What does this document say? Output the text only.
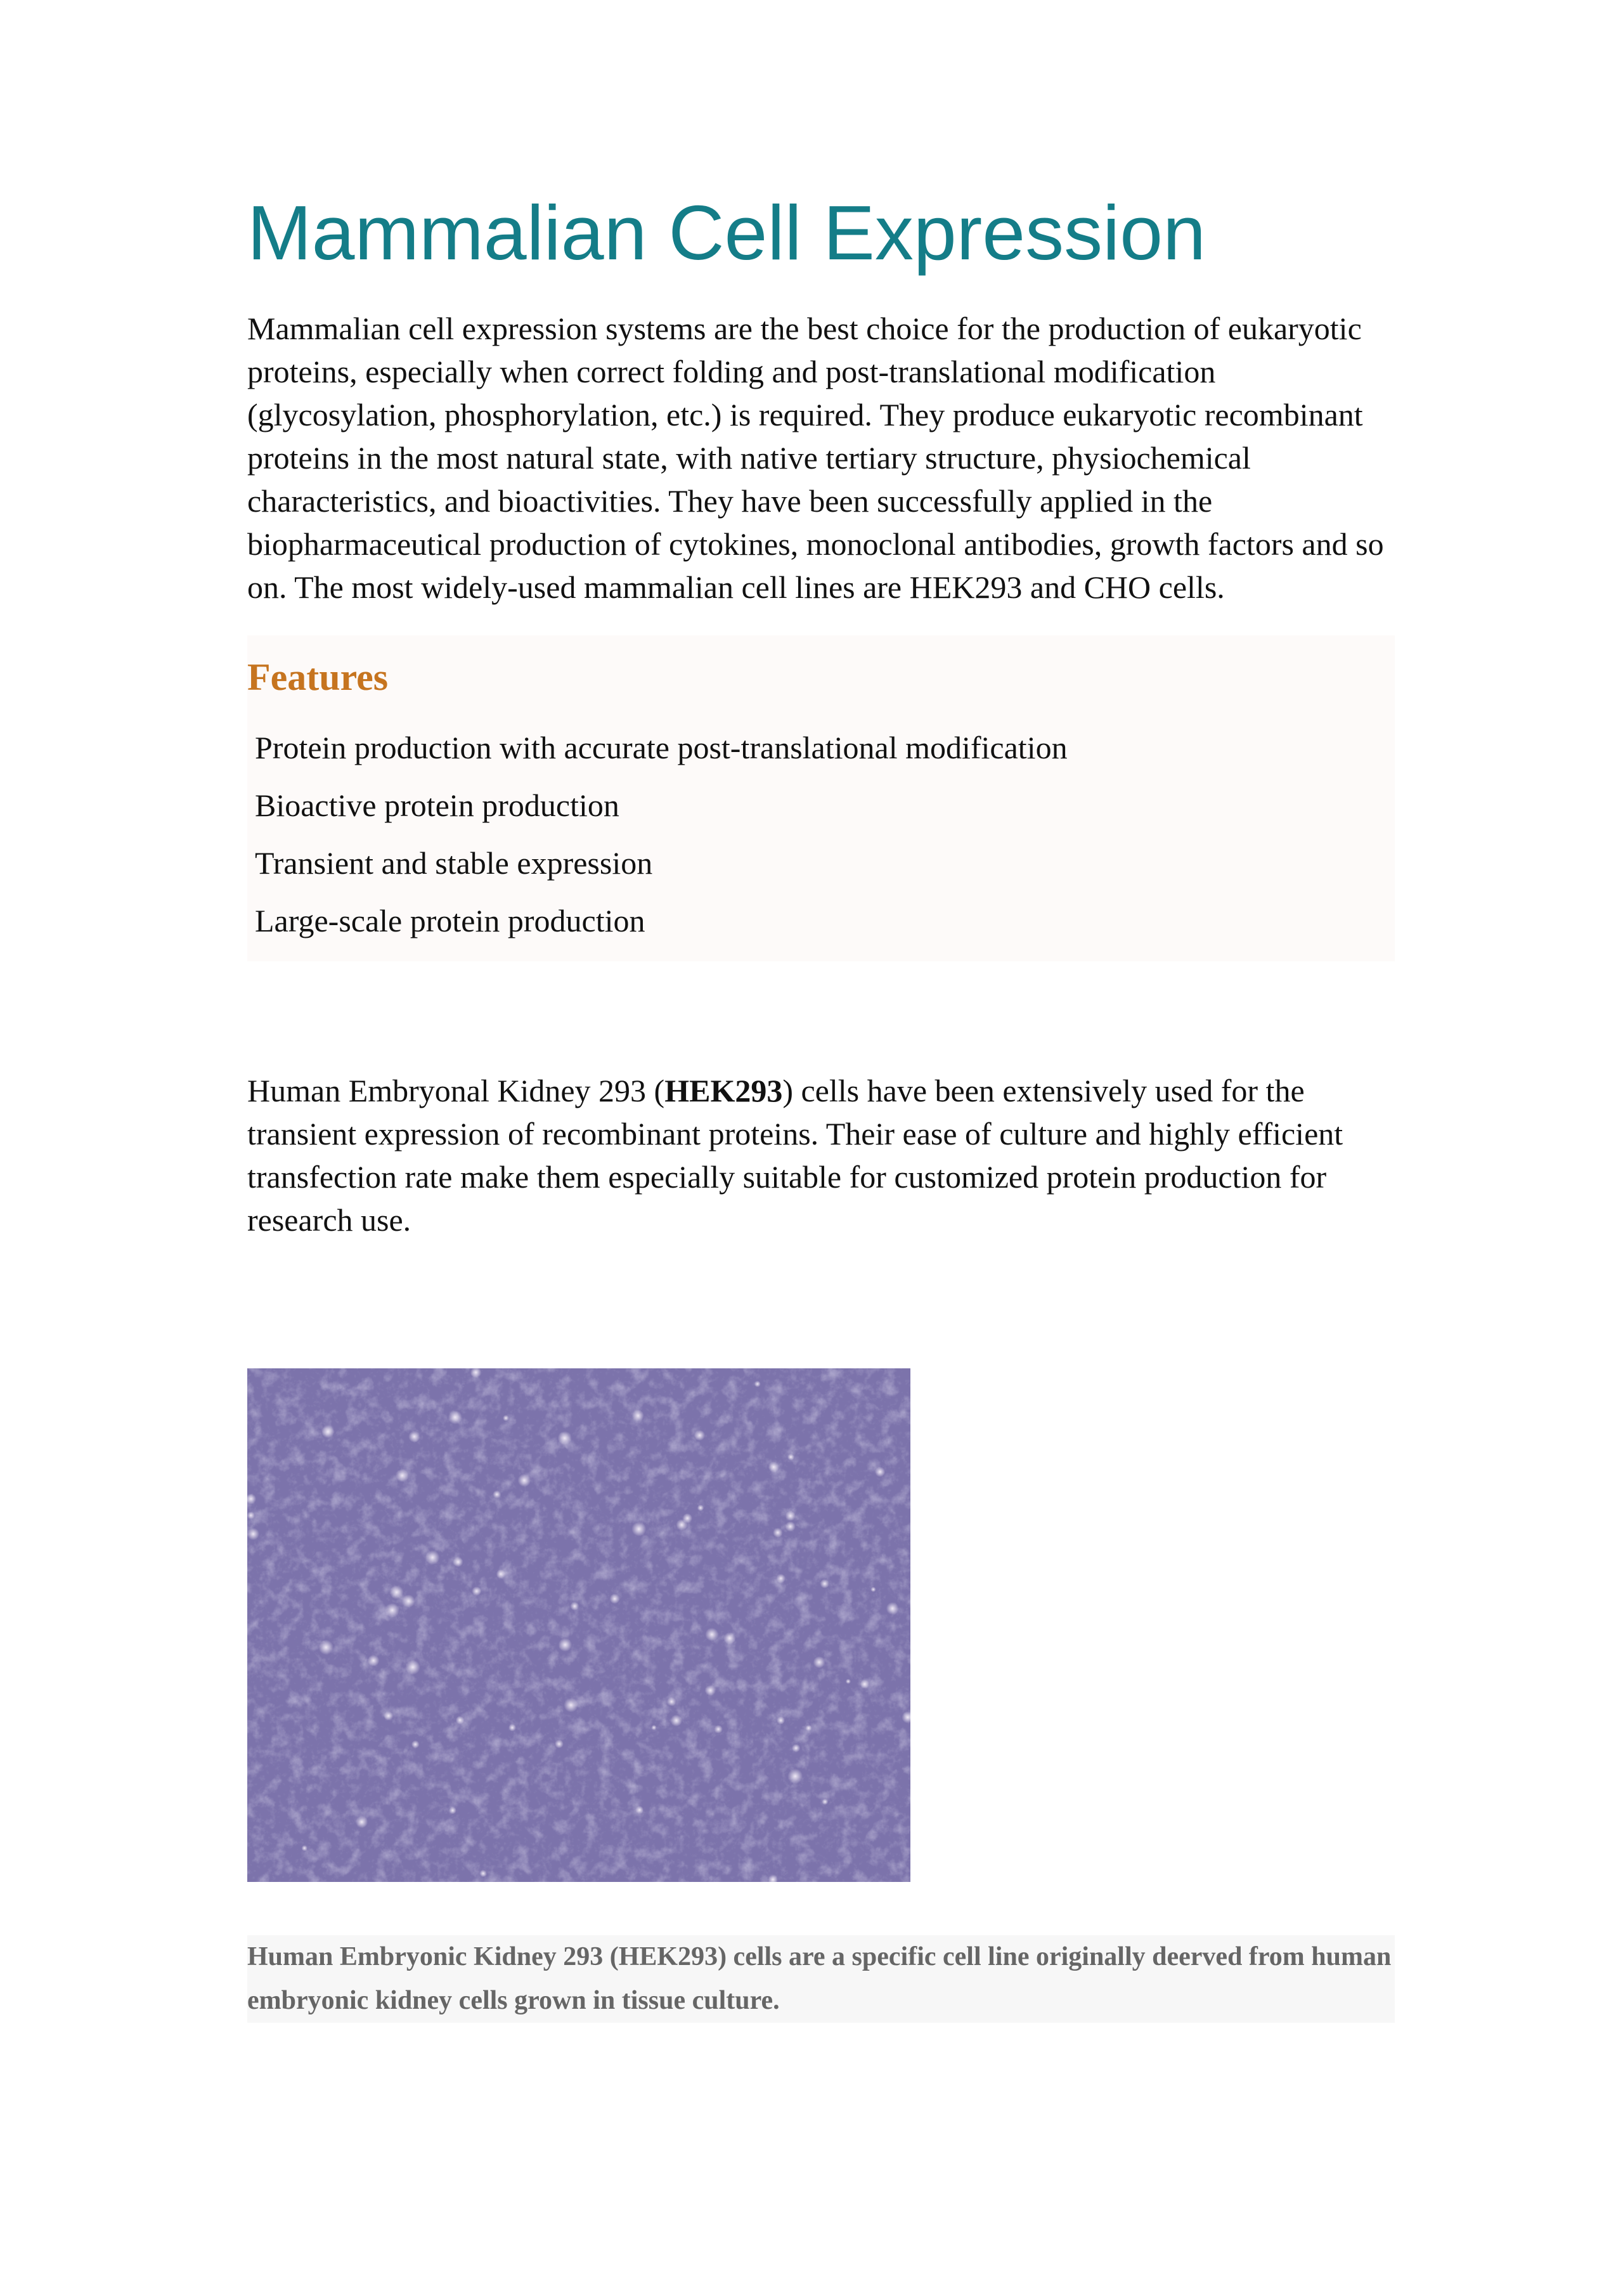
Mammalian Cell Expression

Mammalian cell expression systems are the best choice for the production of eukaryotic proteins, especially when correct folding and post-translational modification (glycosylation, phosphorylation, etc.) is required. They produce eukaryotic recombinant proteins in the most natural state, with native tertiary structure, physiochemical characteristics, and bioactivities. They have been successfully applied in the biopharmaceutical production of cytokines, monoclonal antibodies, growth factors and so on. The most widely-used mammalian cell lines are HEK293 and CHO cells.

Features
Protein production with accurate post-translational modification
Bioactive protein production
Transient and stable expression
Large-scale protein production

Human Embryonal Kidney 293 (HEK293) cells have been extensively used for the transient expression of recombinant proteins. Their ease of culture and highly efficient transfection rate make them especially suitable for customized protein production for research use.

Human Embryonic Kidney 293 (HEK293) cells are a specific cell line originally deerved from human embryonic kidney cells grown in tissue culture.
